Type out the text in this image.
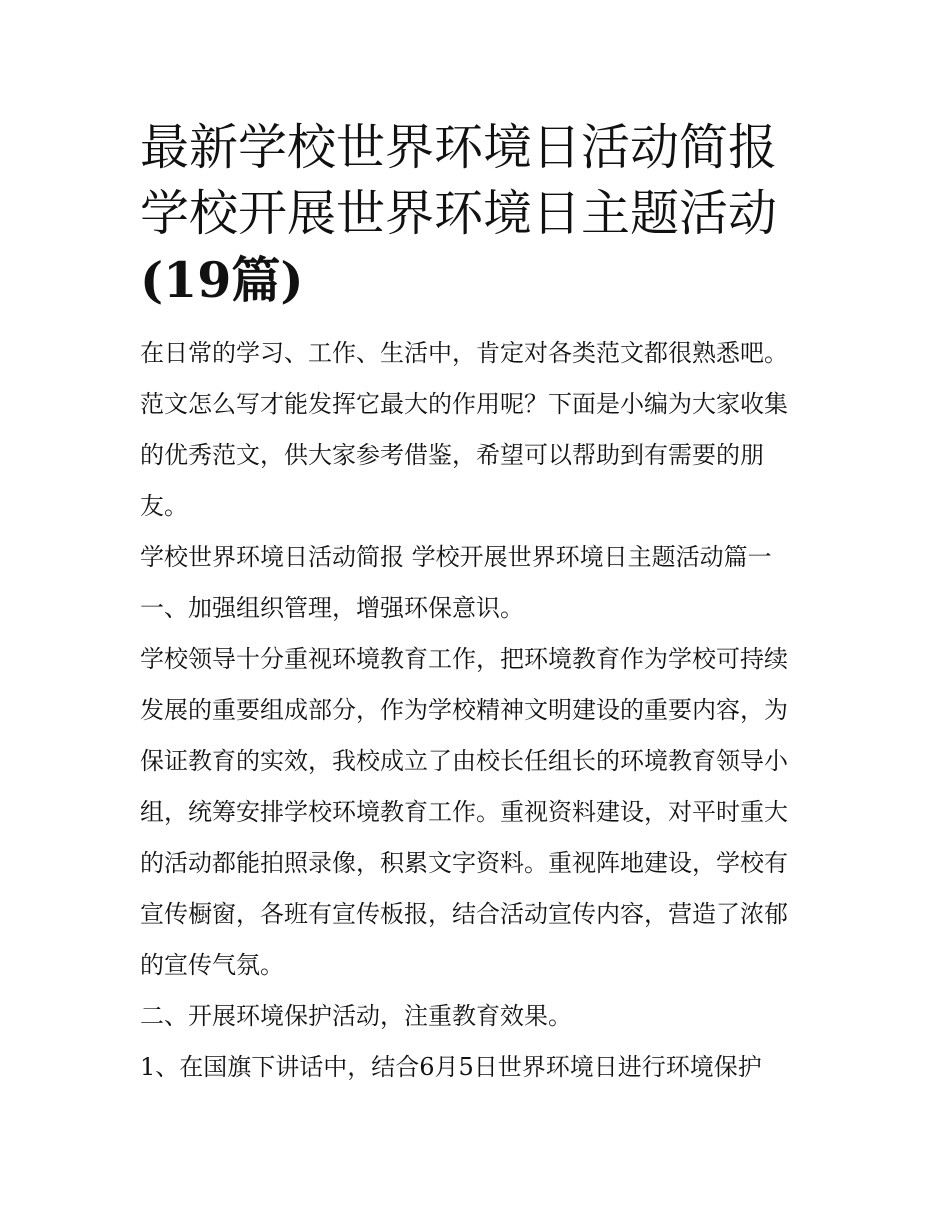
最新学校世界环境日活动简报
学校开展世界环境日主题活动
(19篇)

在日常的学习、工作、生活中，肯定对各类范文都很熟悉吧。
范文怎么写才能发挥它最大的作用呢？下面是小编为大家收集
的优秀范文，供大家参考借鉴，希望可以帮助到有需要的朋
友。

学校世界环境日活动简报 学校开展世界环境日主题活动篇一

一、加强组织管理，增强环保意识。

学校领导十分重视环境教育工作，把环境教育作为学校可持续
发展的重要组成部分，作为学校精神文明建设的重要内容，为
保证教育的实效，我校成立了由校长任组长的环境教育领导小
组，统筹安排学校环境教育工作。重视资料建设，对平时重大
的活动都能拍照录像，积累文字资料。重视阵地建设，学校有
宣传橱窗，各班有宣传板报，结合活动宣传内容，营造了浓郁
的宣传气氛。

二、开展环境保护活动，注重教育效果。

1、在国旗下讲话中，结合6月5日世界环境日进行环境保护
